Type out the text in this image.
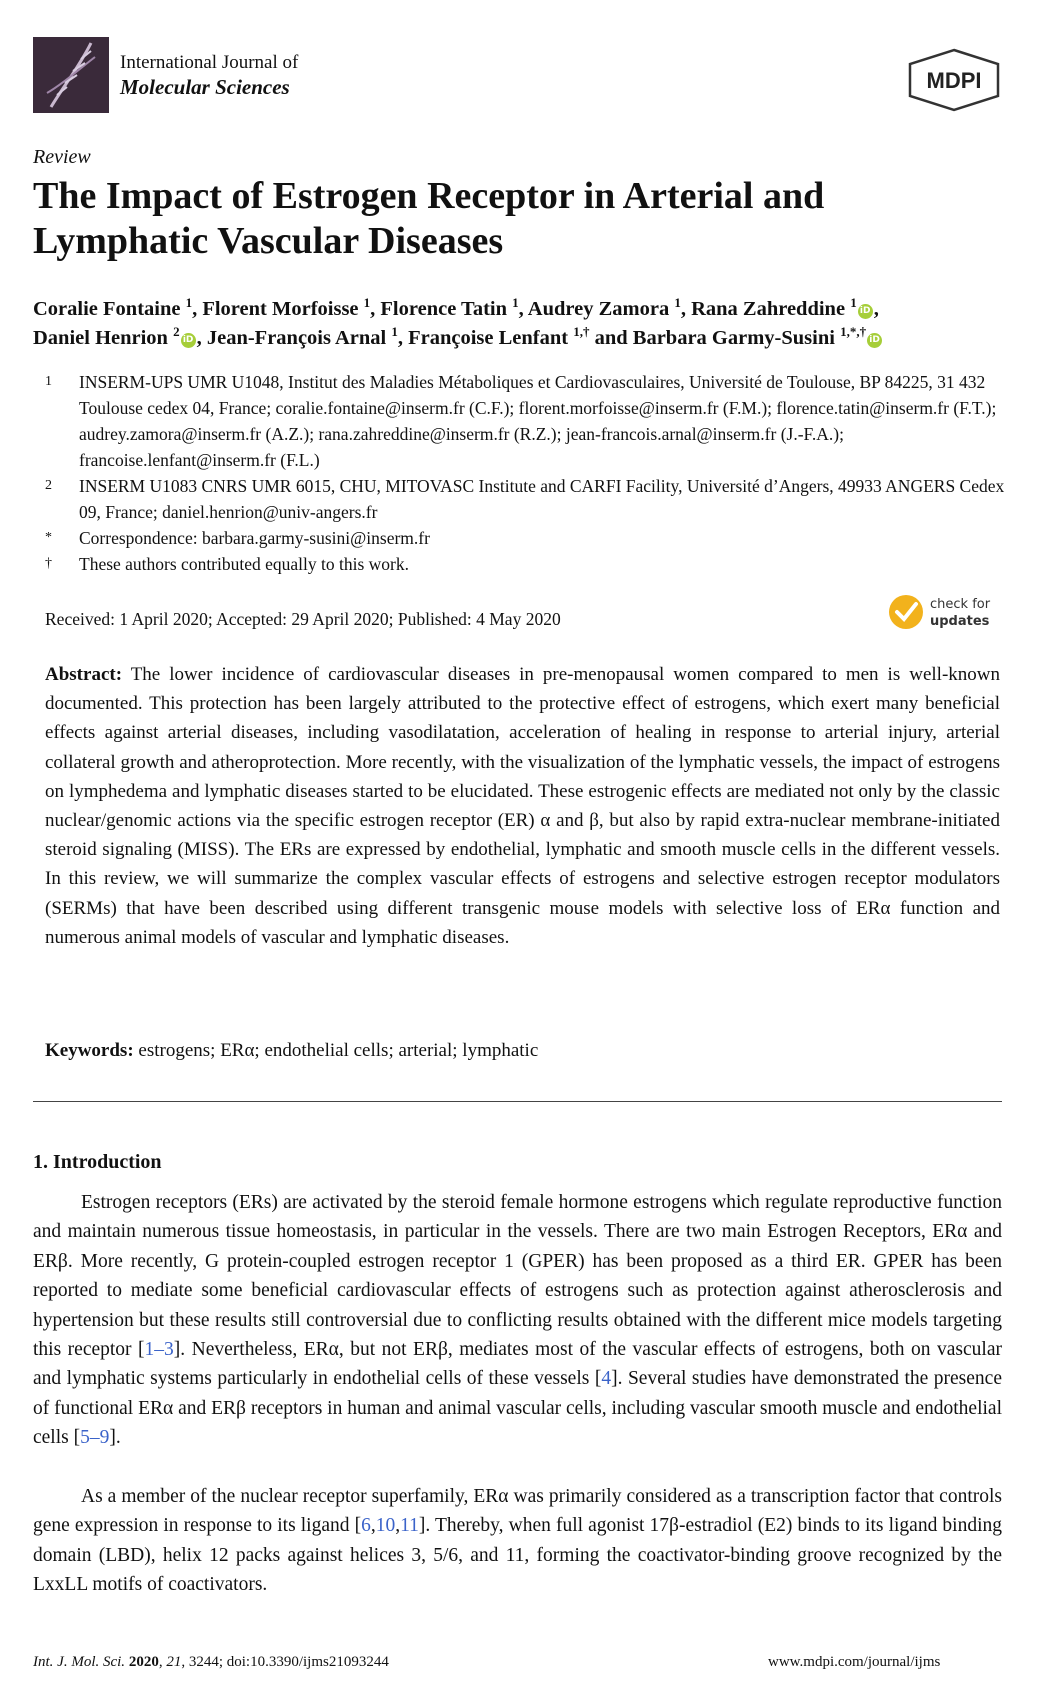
International Journal of
Molecular Sciences	MDPI
Review
The Impact of Estrogen Receptor in Arterial and Lymphatic Vascular Diseases
Coralie Fontaine $^1$, Florent Morfoisse $^1$, Florence Tatin $^1$, Audrey Zamora $^1$, Rana Zahreddine $^1$iD ,
Daniel Henrion $^2$iD , Jean-François Arnal $^1$, Françoise Lenfant $^{1,\dagger}$ and Barbara Garmy-Susini $^{1,*,\dagger}$iD
1 INSERM-UPS UMR U1048, Institut des Maladies Métaboliques et Cardiovasculaires, Université de Toulouse, BP 84225, 31 432 Toulouse cedex 04, France; coralie.fontaine@inserm.fr (C.F.); florent.morfoisse@inserm.fr (F.M.); florence.tatin@inserm.fr (F.T.); audrey.zamora@inserm.fr (A.Z.); rana.zahreddine@inserm.fr (R.Z.); jean-francois.arnal@inserm.fr (J.-F.A.); francoise.lenfant@inserm.fr (F.L.)
2 INSERM U1083 CNRS UMR 6015, CHU, MITOVASC Institute and CARFI Facility, Université d’Angers, 49933 ANGERS Cedex 09, France; daniel.henrion@univ-angers.fr
* Correspondence: barbara.garmy-susini@inserm.fr
† These authors contributed equally to this work.
Received: 1 April 2020; Accepted: 29 April 2020; Published: 4 May 2020
check for
updates
Abstract: The lower incidence of cardiovascular diseases in pre-menopausal women compared to men is well-known documented. This protection has been largely attributed to the protective effect of estrogens, which exert many beneficial effects against arterial diseases, including vasodilatation, acceleration of healing in response to arterial injury, arterial collateral growth and atheroprotection. More recently, with the visualization of the lymphatic vessels, the impact of estrogens on lymphedema and lymphatic diseases started to be elucidated. These estrogenic effects are mediated not only by the classic nuclear/genomic actions via the specific estrogen receptor (ER) α and β, but also by rapid extra-nuclear membrane-initiated steroid signaling (MISS). The ERs are expressed by endothelial, lymphatic and smooth muscle cells in the different vessels. In this review, we will summarize the complex vascular effects of estrogens and selective estrogen receptor modulators (SERMs) that have been described using different transgenic mouse models with selective loss of ERα function and numerous animal models of vascular and lymphatic diseases.
Keywords: estrogens; ERα; endothelial cells; arterial; lymphatic
1. Introduction
Estrogen receptors (ERs) are activated by the steroid female hormone estrogens which regulate reproductive function and maintain numerous tissue homeostasis, in particular in the vessels. There are two main Estrogen Receptors, ERα and ERβ. More recently, G protein-coupled estrogen receptor 1 (GPER) has been proposed as a third ER. GPER has been reported to mediate some beneficial cardiovascular effects of estrogens such as protection against atherosclerosis and hypertension but these results still controversial due to conflicting results obtained with the different mice models targeting this receptor [1–3]. Nevertheless, ERα, but not ERβ, mediates most of the vascular effects of estrogens, both on vascular and lymphatic systems particularly in endothelial cells of these vessels [4]. Several studies have demonstrated the presence of functional ERα and ERβ receptors in human and animal vascular cells, including vascular smooth muscle and endothelial cells [5–9].
As a member of the nuclear receptor superfamily, ERα was primarily considered as a transcription factor that controls gene expression in response to its ligand [6,10,11]. Thereby, when full agonist 17β-estradiol (E2) binds to its ligand binding domain (LBD), helix 12 packs against helices 3, 5/6, and 11, forming the coactivator-binding groove recognized by the LxxLL motifs of coactivators.
Int. J. Mol. Sci. 2020, 21, 3244; doi:10.3390/ijms21093244	www.mdpi.com/journal/ijms
